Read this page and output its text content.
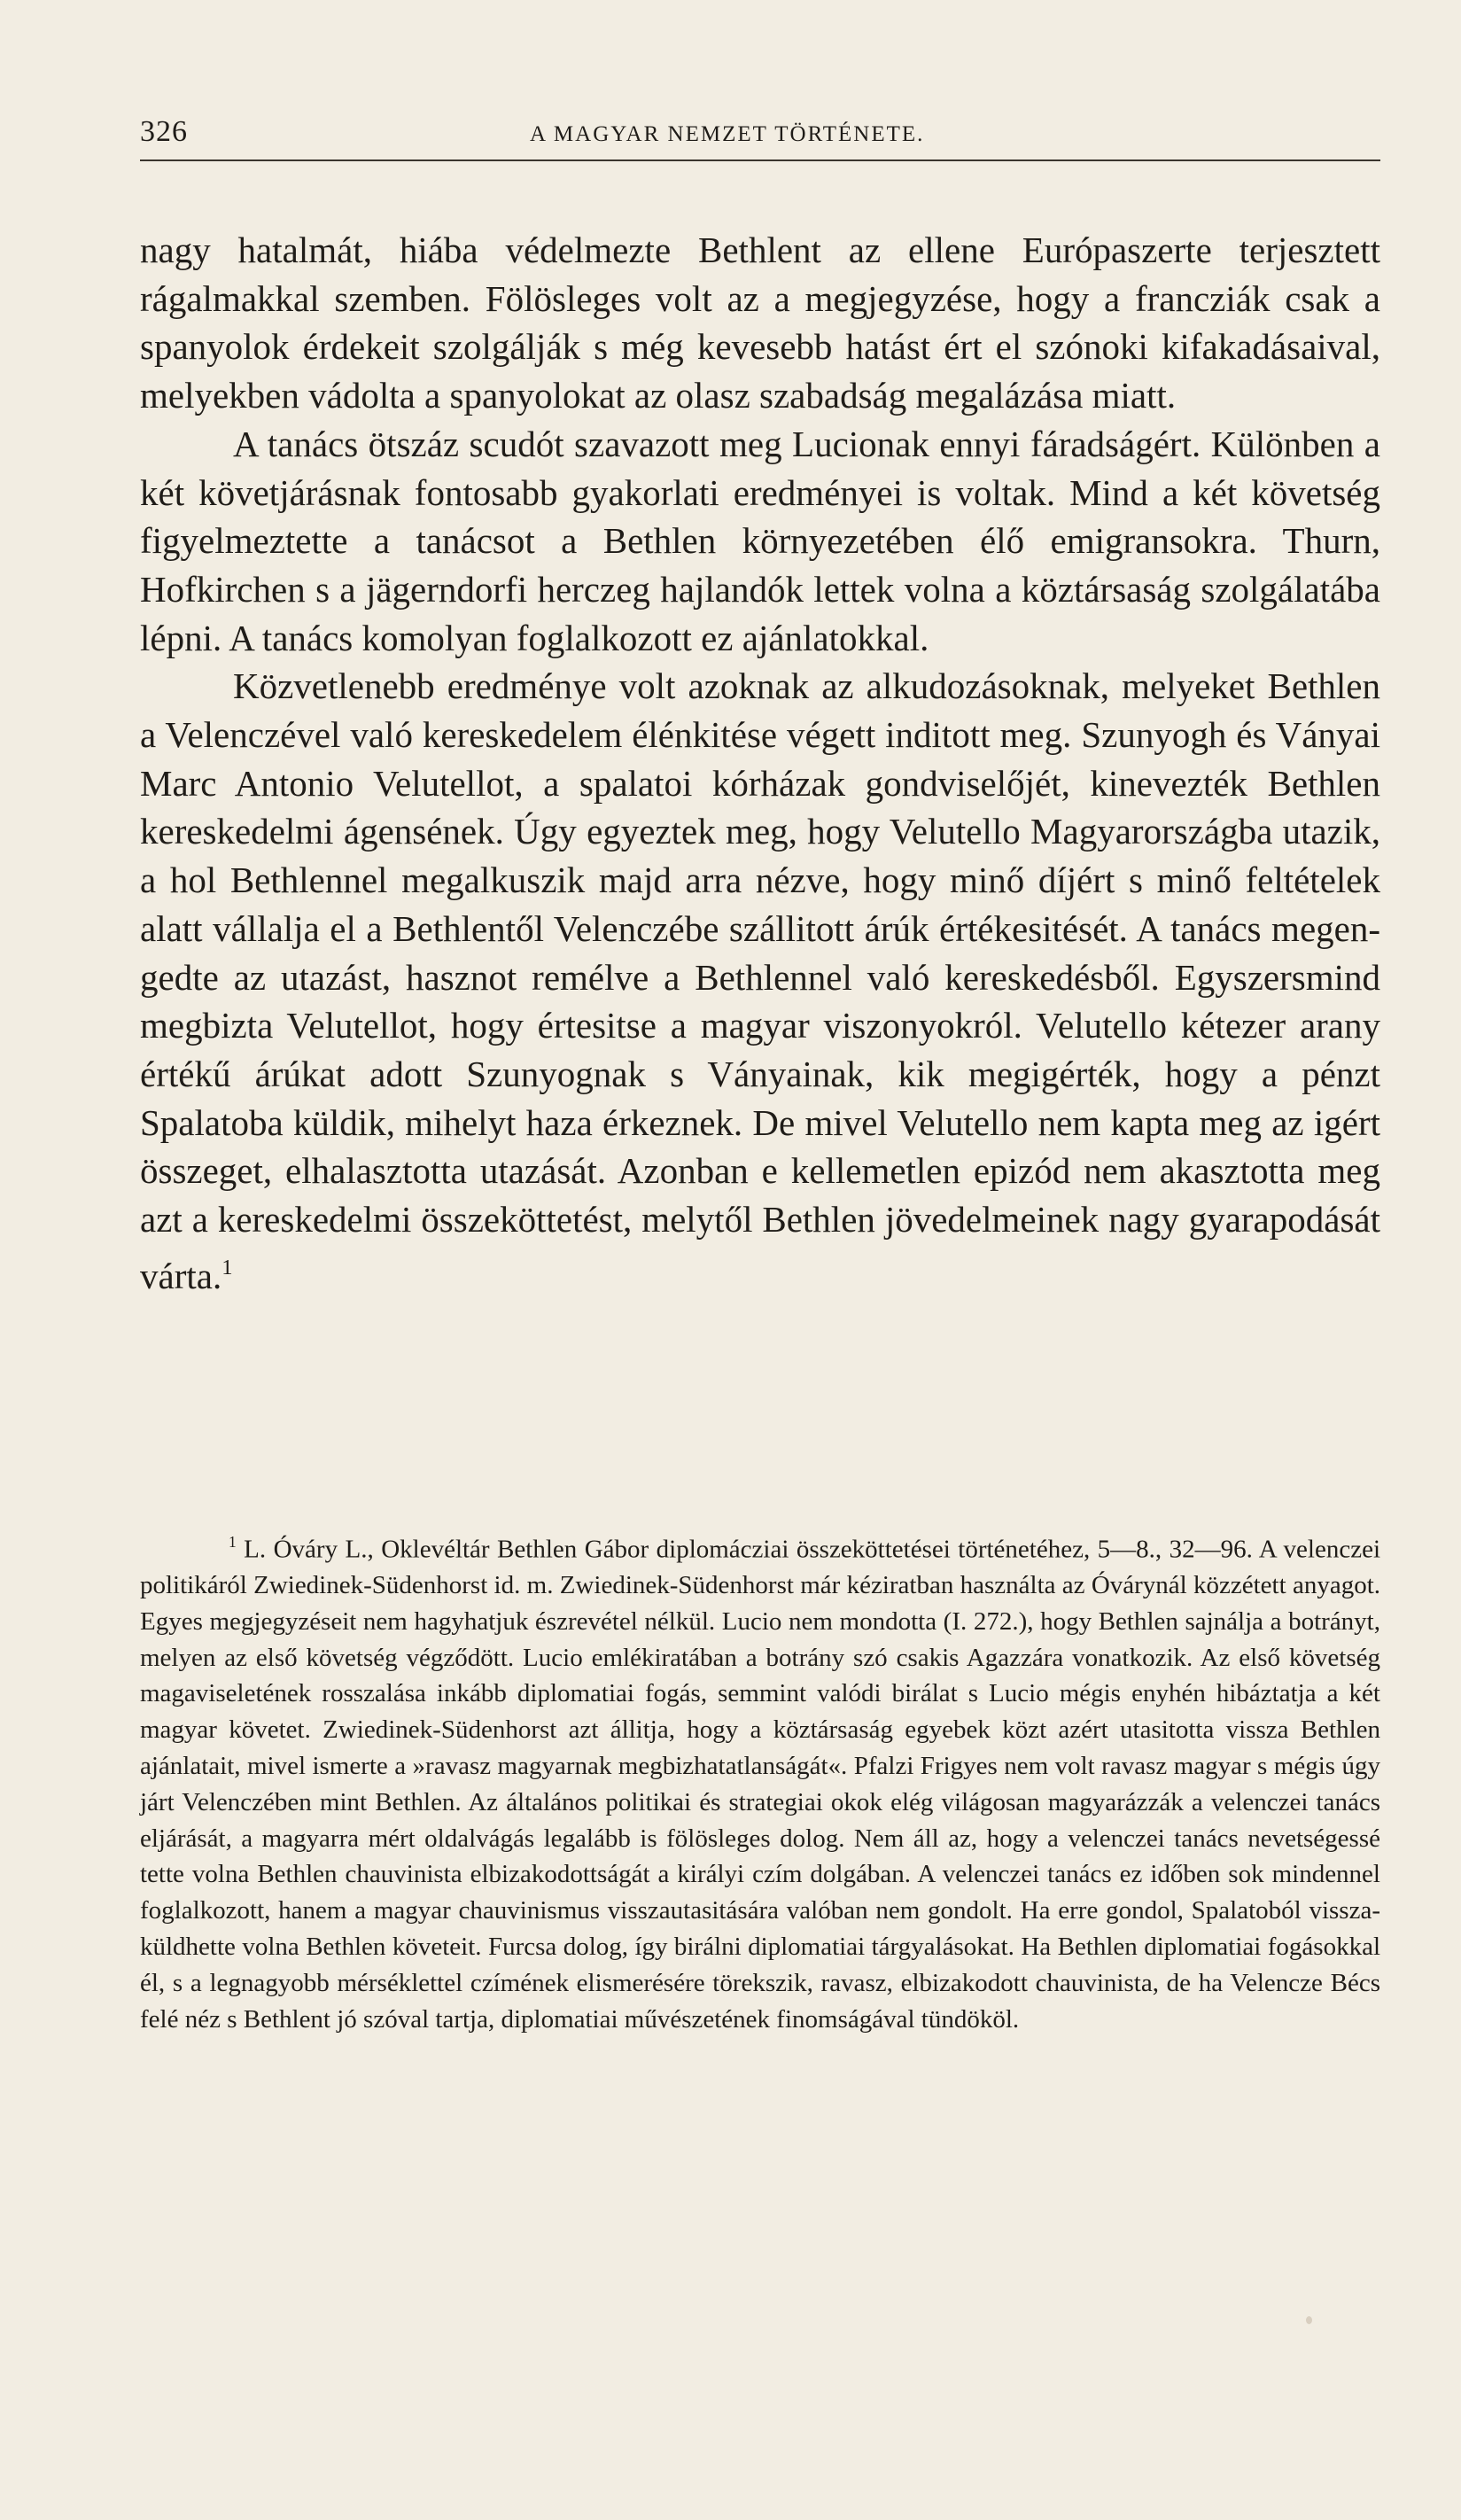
326	A MAGYAR NEMZET TÖRTÉNETE.

nagy hatalmát, hiába védelmezte Bethlent az ellene Európaszerte terjesztett rágalmakkal szemben. Fölösleges volt az a megjegyzése, hogy a francziák csak a spanyolok érdekeit szolgálják s még kevesebb hatást ért el szónoki kifakadásaival, melyekben vádolta a spanyolokat az olasz szabadság megalázása miatt.

A tanács ötszáz scudót szavazott meg Lucionak ennyi fáradságért. Különben a két követjárásnak fontosabb gyakorlati eredményei is voltak. Mind a két követség figyelmeztette a tanácsot a Bethlen környezetében élő emigransokra. Thurn, Hofkirchen s a jägerndorfi herczeg hajlandók lettek volna a köztársaság szolgálatába lépni. A tanács komolyan foglalkozott ez ajánlatokkal.

Közvetlenebb eredménye volt azoknak az alkudozásoknak, melyeket Bethlen a Velenczével való kereskedelem élénkitése végett inditott meg. Szunyogh és Ványai Marc Antonio Velutellot, a spalatoi kórházak gondviselőjét, kinevezték Bethlen kereskedelmi ágensének. Úgy egyeztek meg, hogy Velutello Magyarországba utazik, a hol Bethlennel megalkuszik majd arra nézve, hogy minő díjért s minő feltételek alatt vállalja el a Bethlentől Velenczébe szállitott árúk értékesitését. A tanács megengedte az utazást, hasznot remélve a Bethlennel való kereskedésből. Egyszersmind megbizta Velutellot, hogy értesitse a magyar viszonyokról. Velutello kétezer arany értékű árúkat adott Szunyognak s Ványainak, kik megigérték, hogy a pénzt Spalatoba küldik, mihelyt haza érkeznek. De mivel Velutello nem kapta meg az igért összeget, elhalasztotta utazását. Azonban e kellemetlen epizód nem akasztotta meg azt a kereskedelmi összeköttetést, melytől Bethlen jövedelmeinek nagy gyarapodását várta.$^1$

$^1$ L. Óváry L., Oklevéltár Bethlen Gábor diplomácziai összeköttetései történetéhez, 5—8., 32—96. A velenczei politikáról Zwiedinek-Südenhorst id. m. Zwiedinek-Südenhorst már kéziratban használta az Óvárynál közzétett anyagot. Egyes megjegyzéseit nem hagyhatjuk észrevétel nélkül. Lucio nem mondotta (I. 272.), hogy Bethlen sajnálja a botrányt, melyen az első követség végződött. Lucio emlékiratában a botrány szó csakis Agazzára vonatkozik. Az első követség magaviseletének rosszalása inkább diplomatiai fogás, semmint valódi birálat s Lucio mégis enyhén hibáztatja a két magyar követet. Zwiedinek-Südenhorst azt állitja, hogy a köztársaság egyebek közt azért utasitotta vissza Bethlen ajánlatait, mivel ismerte a »ravasz magyarnak megbizhatatlanságát«. Pfalzi Frigyes nem volt ravasz magyar s mégis úgy járt Velenczében mint Bethlen. Az általános politikai és strategiai okok elég világosan magyarázzák a velenczei tanács eljárását, a magyarra mért oldalvágás legalább is fölösleges dolog. Nem áll az, hogy a velenczei tanács nevetségessé tette volna Bethlen chauvinista elbizakodottságát a királyi czím dolgában. A velenczei tanács ez időben sok mindennel foglalkozott, hanem a magyar chauvinismus visszautasitására valóban nem gondolt. Ha erre gondol, Spalatoból visszaküldhette volna Bethlen követeit. Furcsa dolog, így birálni diplomatiai tárgyalásokat. Ha Bethlen diplomatiai fogásokkal él, s a legnagyobb mérséklettel czímének elismerésére törekszik, ravasz, elbizakodott chauvinista, de ha Velencze Bécs felé néz s Bethlent jó szóval tartja, diplomatiai művészetének finomságával tündököl.
